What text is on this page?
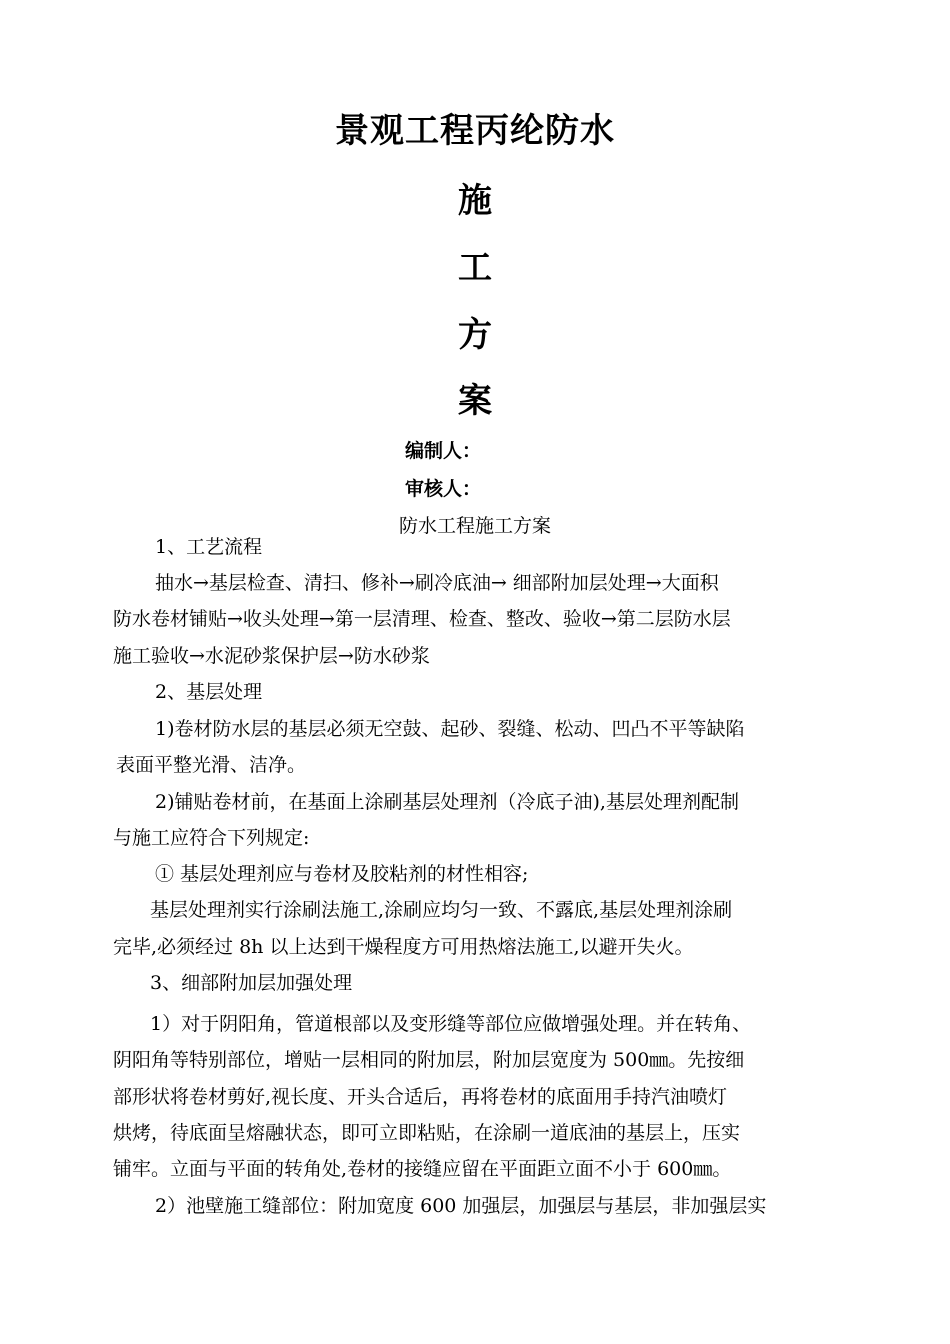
景观工程丙纶防水
施
工
方
案
编制人：
审核人：
防水工程施工方案
1、工艺流程
抽水→基层检查、清扫、修补→刷冷底油→ 细部附加层处理→大面积
防水卷材铺贴→收头处理→第一层清理、检查、整改、验收→第二层防水层
施工验收→水泥砂浆保护层→防水砂浆
2、基层处理
1)卷材防水层的基层必须无空鼓、起砂、裂缝、松动、凹凸不平等缺陷
表面平整光滑、洁净。
2)铺贴卷材前，在基面上涂刷基层处理剂（冷底子油),基层处理剂配制
与施工应符合下列规定:
① 基层处理剂应与卷材及胶粘剂的材性相容;
基层处理剂实行涂刷法施工,涂刷应均匀一致、不露底,基层处理剂涂刷
完毕,必须经过 8h 以上达到干燥程度方可用热熔法施工,以避开失火。
3、细部附加层加强处理
1）对于阴阳角，管道根部以及变形缝等部位应做增强处理。并在转角、
阴阳角等特别部位，增贴一层相同的附加层，附加层宽度为 500㎜。先按细
部形状将卷材剪好,视长度、开头合适后，再将卷材的底面用手持汽油喷灯
烘烤，待底面呈熔融状态，即可立即粘贴，在涂刷一道底油的基层上，压实
铺牢。立面与平面的转角处,卷材的接缝应留在平面距立面不小于 600㎜。
2）池壁施工缝部位：附加宽度 600 加强层，加强层与基层，非加强层实
